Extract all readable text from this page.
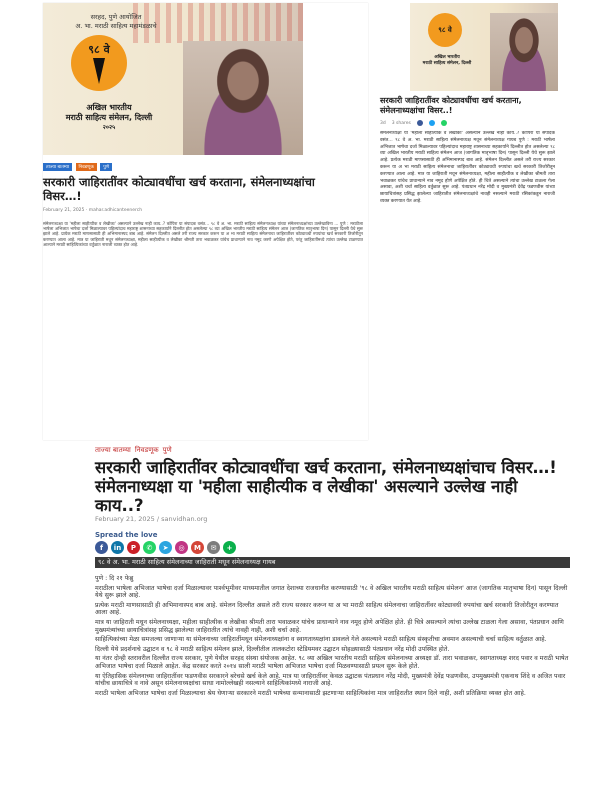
सरहद, पुणे आयोजित
अ. भा. मराठी साहित्य महामंडळाचे
९८ वे
अखिल भारतीय
मराठी साहित्य संमेलन, दिल्ली
२०२५
ताज्या बातम्या निवडणूक पुणे
सरकारी जाहिरातींवर कोट्यावधींचा खर्च करताना, संमेलनाध्यक्षांचा विसर…!
February 21, 2025 · mahar.adhicanteenerch
संमेलनाध्यक्षा या 'महीला साहीत्यीक व लेखीका' असल्याने उल्लेख नाही काय..? कॉपिरा या संपादक वसंत... ९८ वे अ. भा. मराठी साहित्य संमेलनाध्यक्ष यांच्या संमेलनाध्यक्षांच्या उल्लेखाविना ... पुणे : मराठीला भाषेला अभिजात भाषेचा दर्जा मिळाल्यावर पहिल्यांदाच महाराष्ट्र शासनाच्या सहकार्याने दिल्लीत होत असलेल्या ९८ व्या अखिल भारतीय मराठी साहित्य संमेलन आज (जागतिक मातृभाषा दिन) पासून दिल्ली येथे सुरू झाले आहे. प्रत्येक मराठी माणसासाठी ही अभिमानास्पद बाब आहे. संमेलन दिल्लीत असले तरी राज्य सरकार करून या अ भा मराठी साहित्य संमेलनाचा जाहिरातींवर कोट्यावधी रुपयांचा खर्च सरकारी तिजोरीतून करण्यात आला आहे. मात्र या जाहिराती मधून संमेलनाध्यक्षा, महीला साहीत्यीक व लेखीका श्रीमती तारा भवाळकर यांचेच प्राधान्याने नाव नमूद करणे अपेक्षित होते, परंतु जाहिरातींमध्ये त्यांचा उल्लेख टाळण्यात आल्याने मराठी साहित्यिकांच्या वर्तुळात नाराजी व्यक्त होत आहे.
९८ वे
अखिल भारतीय
मराठी साहित्य संमेलन, दिल्ली
सरकारी जाहिरातींवर कोट्यावधींचा खर्च करताना, संमेलनाध्यक्षांचा विसर..!
3d 3 shares
संमेलनाध्यक्षा या 'महीला साहीत्यीक व लेखीका' असल्याने उल्लेख नाही काय..? कॉपिरा या संपादक वसंत... ९८ वे अ. भा. मराठी साहित्य संमेलनाध्यक्ष मधून संमेलनाध्यक्ष गायब पुणे : मराठी भाषेला अभिजात भाषेचा दर्जा मिळाल्यावर पहिल्यांदाच महाराष्ट्र शासनाच्या सहकार्याने दिल्लीत होत असलेल्या ९८ व्या अखिल भारतीय मराठी साहित्य संमेलन आज (जागतिक मातृभाषा दिन) पासून दिल्ली येथे सुरू झाले आहे. प्रत्येक मराठी माणसासाठी ही अभिमानास्पद बाब आहे. संमेलन दिल्लीत असले तरी राज्य सरकार करून या अ भा मराठी साहित्य संमेलनाचा जाहिरातींवर कोट्यावधी रुपयांचा खर्च सरकारी तिजोरीतून करण्यात आला आहे. मात्र या जाहिराती मधून संमेलनाध्यक्षा, महीला साहीत्यीक व लेखीका श्रीमती तारा भवाळकर यांचेच प्राधान्याने नाव नमूद होणे अपेक्षित होते. ही चित्रे असल्याने त्यांचा उल्लेख टाळला गेला असावा, अशी चर्चा साहित्य वर्तुळात सुरू आहे. पंतप्रधान नरेंद्र मोदी व मुख्यमंत्री देवेंद्र फडणवीस यांच्या छायाचित्रांसह प्रसिद्ध झालेल्या जाहिरातीत संमेलनाध्यक्षांचे नावही नसल्याने मराठी रसिकांकडून नाराजी व्यक्त करण्यात येत आहे.
ताज्या बातम्या निवडणूक पुणे
सरकारी जाहिरातींवर कोट्यावधींचा खर्च करताना, संमेलनाध्यक्षांचाच विसर…!संमेलनाध्यक्षा या 'महीला साहीत्यीक व लेखीका' असल्याने उल्लेख नाही काय..?
February 21, 2025 / sanvidhan.org
Spread the love
f	in	P	✆	➤	◎	M	✉	+
९८ वे अ. भा. मराठी साहित्य संमेलनाच्या जाहिराती मधून संमेलनाध्यक्ष गायब

पुणे : दि २१ फेब्रु

मराठीला भाषेला अभिजात भाषेचा दर्जा मिळाल्यावर पार्श्वभूमीवर माध्यमातील जगात देशाच्या राजधानीत करण्यासाठी '९८ वे अखिल भारतीय मराठी साहित्य संमेलन' आज (जागतिक मातृभाषा दिन) पासून दिल्ली येथे सुरू झाले आहे.

प्रत्येक मराठी माणसासाठी ही अभिमानास्पद बाब आहे. संमेलन दिल्लीत असले तरी राज्य सरकार करून या अ भा मराठी साहित्य संमेलनाचा जाहिरातींवर कोट्यावधी रुपयांचा खर्च सरकारी तिजोरीतून करण्यात आला आहे.

मात्र या जाहिराती मधून संमेलनाध्यक्षा, महीला साहीत्यीक व लेखीका श्रीमती तारा भवाळकर यांचेच प्राधान्याने नाव नमूद होणे अपेक्षित होते. ही चित्रे असल्याने त्यांचा उल्लेख टाळला गेला असावा, पंतप्रधान आणि मुख्यमंत्र्यांच्या छायाचित्रांसह प्रसिद्ध झालेल्या जाहिरातीत त्यांचे नावही नाही, अशी चर्चा आहे.

साहित्यिकांच्या मेळा समजल्या जाणाऱ्या या संमेलनाच्या जाहिरातींमधून संमेलनाध्यक्षांना व स्वागताध्यक्षांना डावलले गेले असल्याने मराठी साहित्य संस्कृतीचा अवमान असल्याची चर्चा साहित्य वर्तुळात आहे.

दिल्ली येथे प्रदर्शनाचे उद्घाटन व ९८ वे मराठी साहित्य संमेलन झाले, दिल्लीतील तालकटोरा स्टेडियमवर उद्घाटन सोहळ्यासाठी पंतप्रधान नरेंद्र मोदी उपस्थित होते.

या नंतर दोन्ही स्तरावरील दिल्लीत राज्य सरकार, पुणे येथील सरहद संस्था संयोजक आहेत. ९८ व्या अखिल भारतीय मराठी साहित्य संमेलनाच्या अध्यक्षा डॉ. तारा भवाळकर, स्वागताध्यक्ष शरद पवार व मराठी भाषेत अभिजात भाषेचा दर्जा मिळाले आहेत. केंद्र सरकार करते २०१४ साली मराठी भाषेला अभिजात भाषेचा दर्जा मिळवण्यासाठी प्रयत्न सुरू केले होते.

या ऐतिहासिक संमेलनाच्या जाहिरातींवर फडणवीस सरकारने बरेचसे खर्च केले आहे. मात्र या जाहिरातींवर केवळ उद्घाटक पंतप्रधान नरेंद्र मोदी, मुख्यमंत्री देवेंद्र फडणवीस, उपमुख्यमंत्री एकनाथ शिंदे व अजित पवार यांचीच छायाचित्रे व नावे असून संमेलनाध्यक्षांचा साधा नामोल्लेखही नसल्याने साहित्यिकांमध्ये नाराजी आहे.

मराठी भाषेला अभिजात भाषेचा दर्जा मिळाल्याचा श्रेय घेणाऱ्या सरकारने मराठी भाषेच्या सन्मानासाठी झटणाऱ्या साहित्यिकांना मात्र जाहिरातीत स्थान दिले नाही, अशी प्रतिक्रिया व्यक्त होत आहे.
